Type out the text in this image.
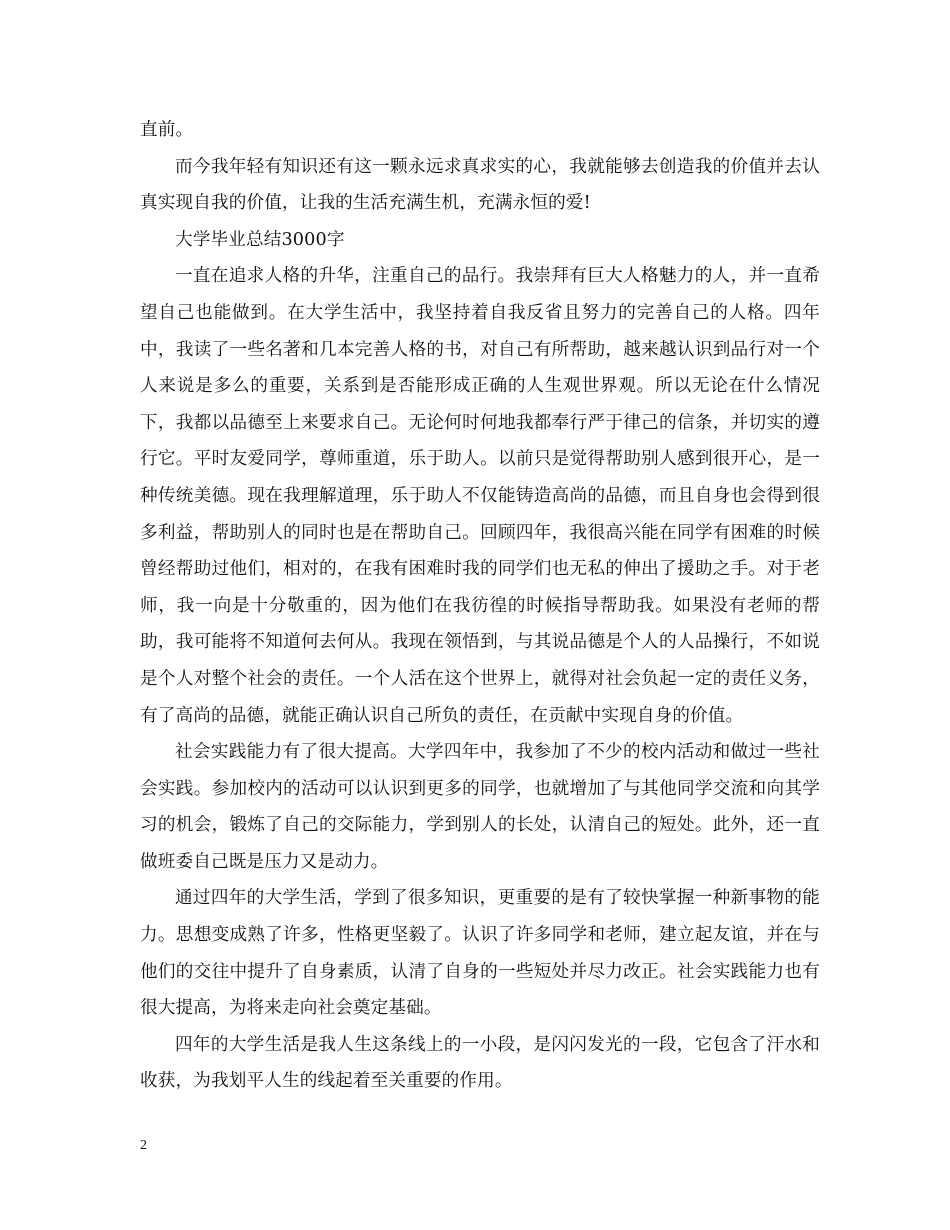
直前。

而今我年轻有知识还有这一颗永远求真求实的心，我就能够去创造我的价值并去认真实现自我的价值，让我的生活充满生机，充满永恒的爱!

大学毕业总结3000字

一直在追求人格的升华，注重自己的品行。我崇拜有巨大人格魅力的人，并一直希望自己也能做到。在大学生活中，我坚持着自我反省且努力的完善自己的人格。四年中，我读了一些名著和几本完善人格的书，对自己有所帮助，越来越认识到品行对一个人来说是多么的重要，关系到是否能形成正确的人生观世界观。所以无论在什么情况下，我都以品德至上来要求自己。无论何时何地我都奉行严于律己的信条，并切实的遵行它。平时友爱同学，尊师重道，乐于助人。以前只是觉得帮助别人感到很开心，是一种传统美德。现在我理解道理，乐于助人不仅能铸造高尚的品德，而且自身也会得到很多利益，帮助别人的同时也是在帮助自己。回顾四年，我很高兴能在同学有困难的时候曾经帮助过他们，相对的，在我有困难时我的同学们也无私的伸出了援助之手。对于老师，我一向是十分敬重的，因为他们在我彷徨的时候指导帮助我。如果没有老师的帮助，我可能将不知道何去何从。我现在领悟到，与其说品德是个人的人品操行，不如说是个人对整个社会的责任。一个人活在这个世界上，就得对社会负起一定的责任义务，有了高尚的品德，就能正确认识自己所负的责任，在贡献中实现自身的价值。

社会实践能力有了很大提高。大学四年中，我参加了不少的校内活动和做过一些社会实践。参加校内的活动可以认识到更多的同学，也就增加了与其他同学交流和向其学习的机会，锻炼了自己的交际能力，学到别人的长处，认清自己的短处。此外，还一直做班委自己既是压力又是动力。

通过四年的大学生活，学到了很多知识，更重要的是有了较快掌握一种新事物的能力。思想变成熟了许多，性格更坚毅了。认识了许多同学和老师，建立起友谊，并在与他们的交往中提升了自身素质，认清了自身的一些短处并尽力改正。社会实践能力也有很大提高，为将来走向社会奠定基础。

四年的大学生活是我人生这条线上的一小段，是闪闪发光的一段，它包含了汗水和收获，为我划平人生的线起着至关重要的作用。

2
